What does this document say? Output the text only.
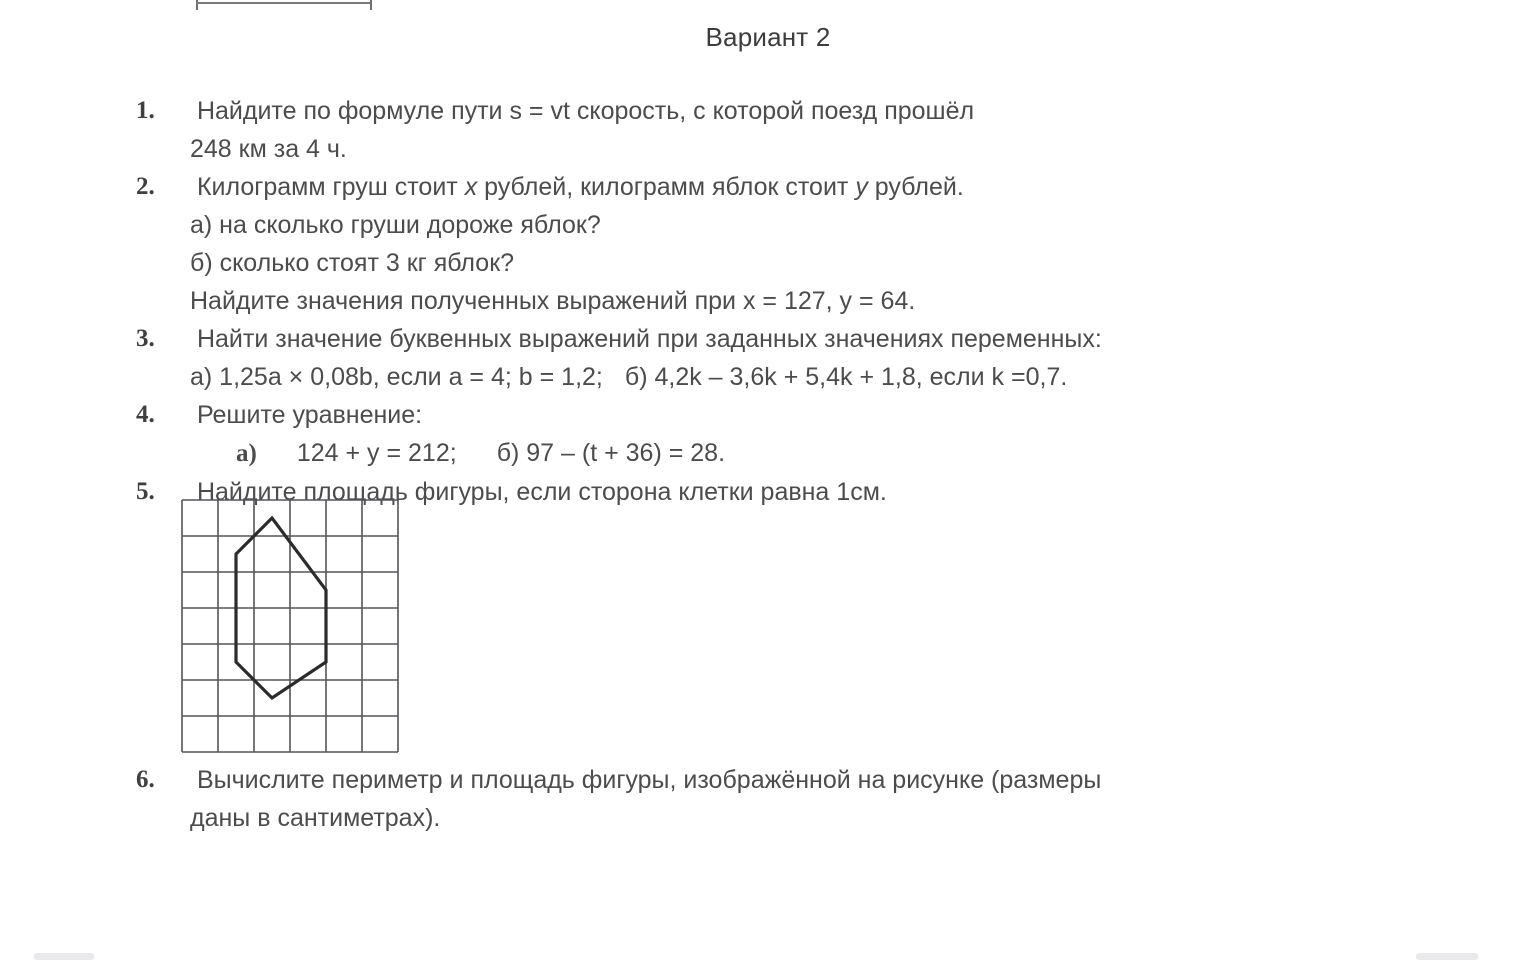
Вариант 2
1.	Найдите по формуле пути s = vt скорость, с которой поезд прошёл
248 км за 4 ч.
2.	Килограмм груш стоит x рублей, килограмм яблок стоит y рублей.
а) на сколько груши дороже яблок?
б) сколько стоят 3 кг яблок?
Найдите значения полученных выражений при x = 127, y = 64.
3.	Найти значение буквенных выражений при заданных значениях переменных:
а) 1,25a × 0,08b, если a = 4; b = 1,2; б) 4,2k – 3,6k + 5,4k + 1,8, если k =0,7.
4.	Решите уравнение:
а) 124 + y = 212; б) 97 – (t + 36) = 28.
5.	Найдите площадь фигуры, если сторона клетки равна 1см.
6.	Вычислите периметр и площадь фигуры, изображённой на рисунке (размеры
даны в сантиметрах).
